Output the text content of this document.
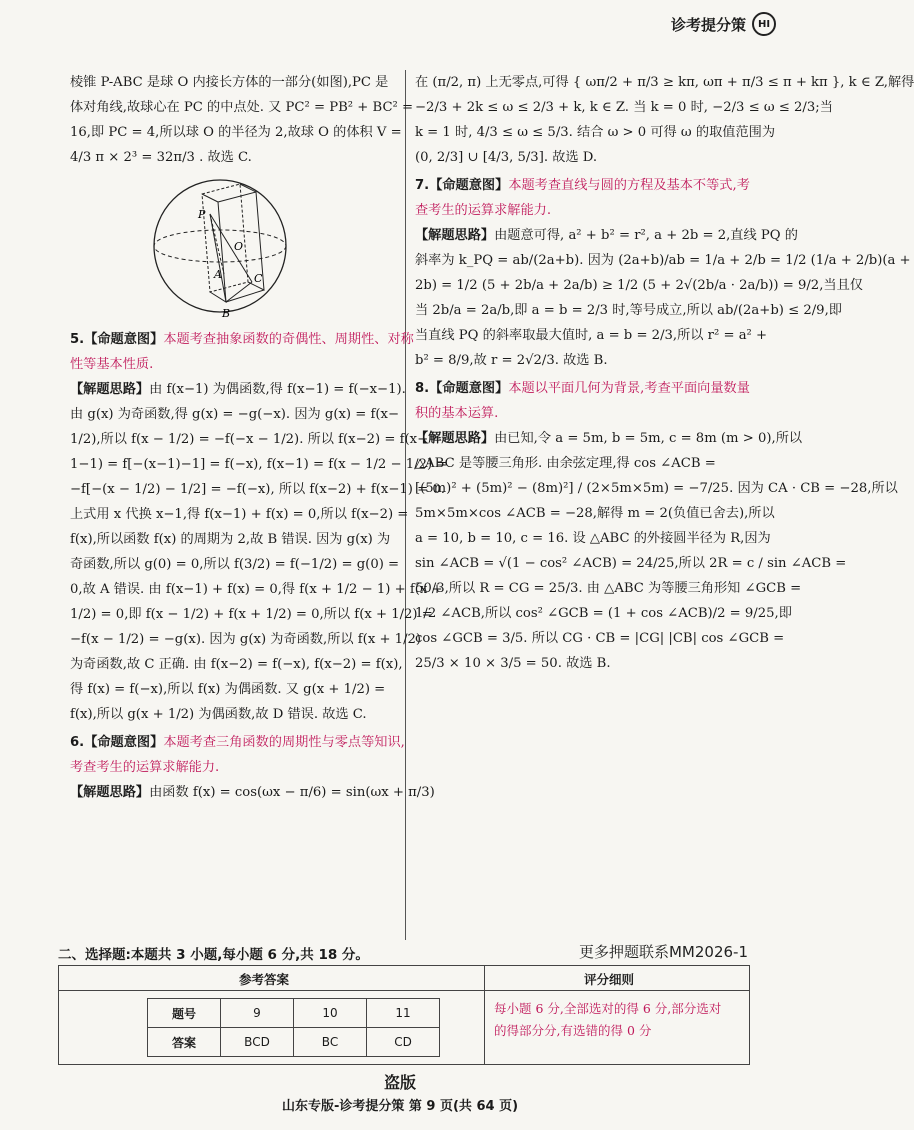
诊考提分策	HI
棱锥 P-ABC 是球 O 内接长方体的一部分(如图),PC 是
体对角线,故球心在 PC 的中点处. 又 PC² = PB² + BC² =
16,即 PC = 4,所以球 O 的半径为 2,故球 O 的体积 V =
4/3 π × 2³ = 32π/3 . 故选 C.
P
O
A	C
B
5.【命题意图】本题考查抽象函数的奇偶性、周期性、对称
性等基本性质.
【解题思路】由 f(x−1) 为偶函数,得 f(x−1) = f(−x−1).
由 g(x) 为奇函数,得 g(x) = −g(−x). 因为 g(x) = f(x−
1/2),所以 f(x − 1/2) = −f(−x − 1/2). 所以 f(x−2) = f(x−
1−1) = f[−(x−1)−1] = f(−x), f(x−1) = f(x − 1/2 − 1/2) =
−f[−(x − 1/2) − 1/2] = −f(−x), 所以 f(x−2) + f(x−1) = 0.
上式用 x 代换 x−1,得 f(x−1) + f(x) = 0,所以 f(x−2) =
f(x),所以函数 f(x) 的周期为 2,故 B 错误. 因为 g(x) 为
奇函数,所以 g(0) = 0,所以 f(3/2) = f(−1/2) = g(0) =
0,故 A 错误. 由 f(x−1) + f(x) = 0,得 f(x + 1/2 − 1) + f(x +
1/2) = 0,即 f(x − 1/2) + f(x + 1/2) = 0,所以 f(x + 1/2) =
−f(x − 1/2) = −g(x). 因为 g(x) 为奇函数,所以 f(x + 1/2)
为奇函数,故 C 正确. 由 f(x−2) = f(−x), f(x−2) = f(x),
得 f(x) = f(−x),所以 f(x) 为偶函数. 又 g(x + 1/2) =
f(x),所以 g(x + 1/2) 为偶函数,故 D 错误. 故选 C.
6.【命题意图】本题考查三角函数的周期性与零点等知识,
考查考生的运算求解能力.
【解题思路】由函数 f(x) = cos(ωx − π/6) = sin(ωx + π/3)
在 (π/2, π) 上无零点,可得 { ωπ/2 + π/3 ≥ kπ, ωπ + π/3 ≤ π + kπ }, k ∈ Z,解得
−2/3 + 2k ≤ ω ≤ 2/3 + k, k ∈ Z. 当 k = 0 时, −2/3 ≤ ω ≤ 2/3;当
k = 1 时, 4/3 ≤ ω ≤ 5/3. 结合 ω > 0 可得 ω 的取值范围为
(0, 2/3] ∪ [4/3, 5/3]. 故选 D.
7.【命题意图】本题考查直线与圆的方程及基本不等式,考
查考生的运算求解能力.
【解题思路】由题意可得, a² + b² = r², a + 2b = 2,直线 PQ 的
斜率为 k_PQ = ab/(2a+b). 因为 (2a+b)/ab = 1/a + 2/b = 1/2 (1/a + 2/b)(a +
2b) = 1/2 (5 + 2b/a + 2a/b) ≥ 1/2 (5 + 2√(2b/a · 2a/b)) = 9/2,当且仅
当 2b/a = 2a/b,即 a = b = 2/3 时,等号成立,所以 ab/(2a+b) ≤ 2/9,即
当直线 PQ 的斜率取最大值时, a = b = 2/3,所以 r² = a² +
b² = 8/9,故 r = 2√2/3. 故选 B.
8.【命题意图】本题以平面几何为背景,考查平面向量数量
积的基本运算.
【解题思路】由已知,令 a = 5m, b = 5m, c = 8m (m > 0),所以
△ABC 是等腰三角形. 由余弦定理,得 cos ∠ACB =
[(5m)² + (5m)² − (8m)²] / (2×5m×5m) = −7/25. 因为 CA · CB = −28,所以
5m×5m×cos ∠ACB = −28,解得 m = 2(负值已舍去),所以
a = 10, b = 10, c = 16. 设 △ABC 的外接圆半径为 R,因为
sin ∠ACB = √(1 − cos² ∠ACB) = 24/25,所以 2R = c / sin ∠ACB =
50/3,所以 R = CG = 25/3. 由 △ABC 为等腰三角形知 ∠GCB =
1/2 ∠ACB,所以 cos² ∠GCB = (1 + cos ∠ACB)/2 = 9/25,即
cos ∠GCB = 3/5. 所以 CG · CB = |CG| |CB| cos ∠GCB =
25/3 × 10 × 3/5 = 50. 故选 B.
二、选择题:本题共 3 小题,每小题 6 分,共 18 分。	更多押题联系MM2026-1
参考答案	评分细则
题号	9	10	11
答案	BCD	BC	CD
每小题 6 分,全部选对的得 6 分,部分选对
的得部分分,有选错的得 0 分
盗版
山东专版-诊考提分策 第 9 页(共 64 页)
